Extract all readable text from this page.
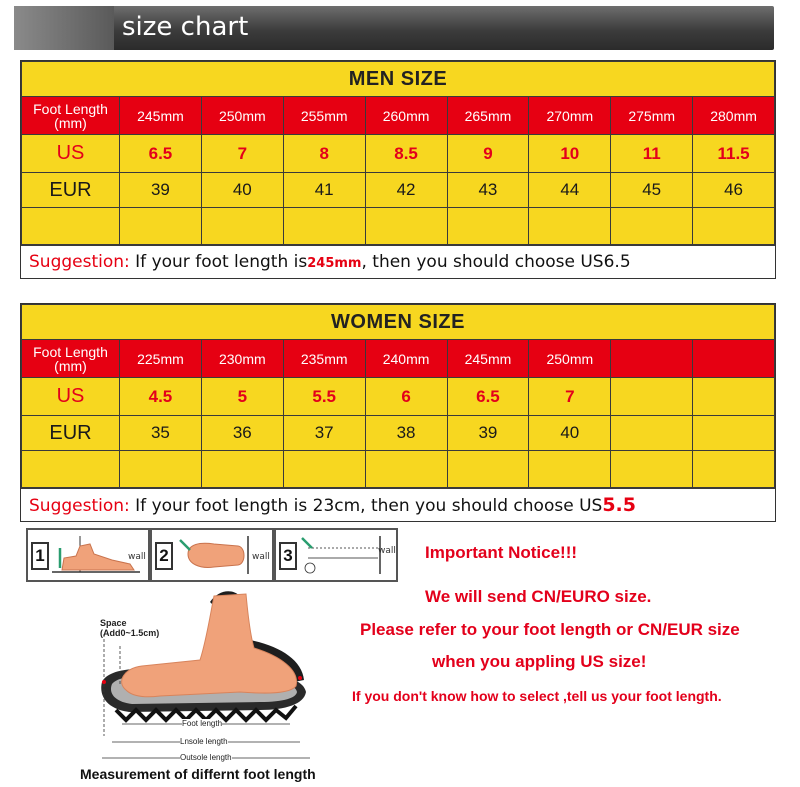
size chart
MEN SIZE								
Foot Length (mm)	245mm	250mm	255mm	260mm	265mm	270mm	275mm	280mm
US	6.5	7	8	8.5	9	10	11	11.5
EUR	39	40	41	42	43	44	45	46

Suggestion: If your foot length is245mm, then you should choose US6.5
WOMEN SIZE								
Foot Length (mm)	225mm	230mm	235mm	240mm	245mm	250mm		
US	4.5	5	5.5	6	6.5	7		
EUR	35	36	37	38	39	40		

Suggestion: If your foot length is 23cm, then you should choose US5.5
1	wall 2	wall 3	wall
Space
(Add0~1.5cm)
Foot length
Lnsole length
Outsole length
Measurement of differnt foot length
Important Notice!!!
We will send CN/EURO size.
Please refer to your foot length or CN/EUR size
when you appling US size!
If you don't know how to select ,tell us your foot length.
